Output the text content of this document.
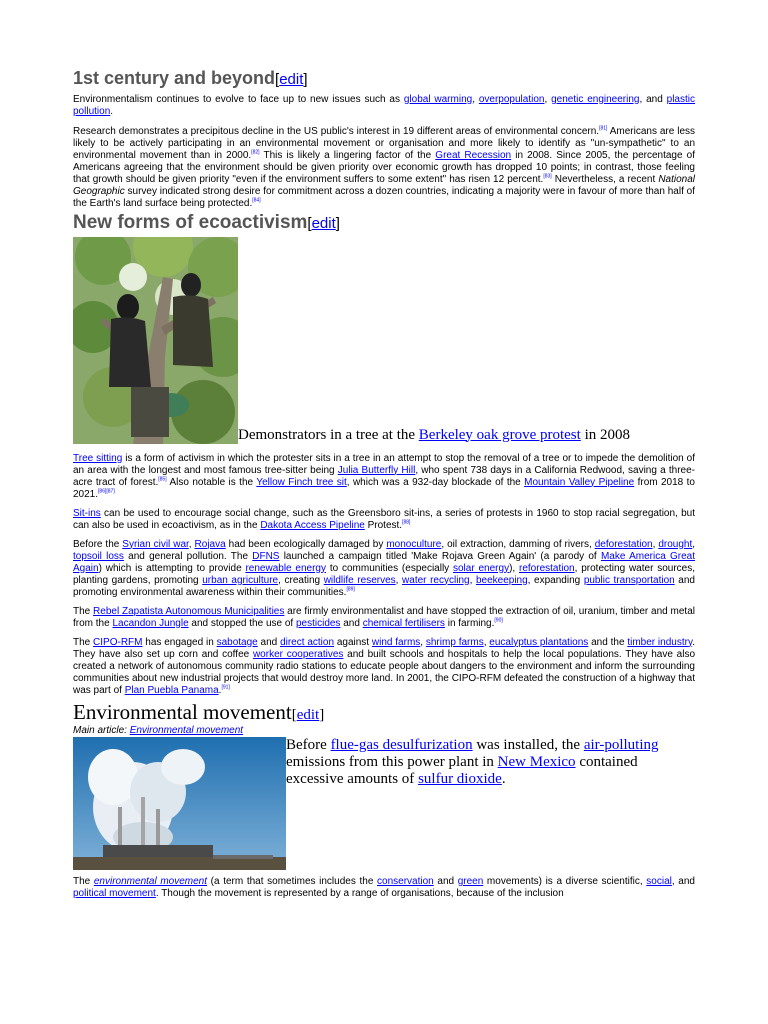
1st century and beyond[edit]

Environmentalism continues to evolve to face up to new issues such as global warming, overpopulation, genetic engineering, and plastic pollution.

Research demonstrates a precipitous decline in the US public's interest in 19 different areas of environmental concern.[81] Americans are less likely to be actively participating in an environmental movement or organisation and more likely to identify as "un-sympathetic" to an environmental movement than in 2000.[82] This is likely a lingering factor of the Great Recession in 2008. Since 2005, the percentage of Americans agreeing that the environment should be given priority over economic growth has dropped 10 points; in contrast, those feeling that growth should be given priority "even if the environment suffers to some extent" has risen 12 percent.[83] Nevertheless, a recent National Geographic survey indicated strong desire for commitment across a dozen countries, indicating a majority were in favour of more than half of the Earth's land surface being protected.[84]

New forms of ecoactivism[edit]
Demonstrators in a tree at the Berkeley oak grove protest in 2008

Tree sitting is a form of activism in which the protester sits in a tree in an attempt to stop the removal of a tree or to impede the demolition of an area with the longest and most famous tree-sitter being Julia Butterfly Hill, who spent 738 days in a California Redwood, saving a three-acre tract of forest.[85] Also notable is the Yellow Finch tree sit, which was a 932-day blockade of the Mountain Valley Pipeline from 2018 to 2021.[86][87]

Sit-ins can be used to encourage social change, such as the Greensboro sit-ins, a series of protests in 1960 to stop racial segregation, but can also be used in ecoactivism, as in the Dakota Access Pipeline Protest.[88]

Before the Syrian civil war, Rojava had been ecologically damaged by monoculture, oil extraction, damming of rivers, deforestation, drought, topsoil loss and general pollution. The DFNS launched a campaign titled 'Make Rojava Green Again' (a parody of Make America Great Again) which is attempting to provide renewable energy to communities (especially solar energy), reforestation, protecting water sources, planting gardens, promoting urban agriculture, creating wildlife reserves, water recycling, beekeeping, expanding public transportation and promoting environmental awareness within their communities.[89]

The Rebel Zapatista Autonomous Municipalities are firmly environmentalist and have stopped the extraction of oil, uranium, timber and metal from the Lacandon Jungle and stopped the use of pesticides and chemical fertilisers in farming.[90]

The CIPO-RFM has engaged in sabotage and direct action against wind farms, shrimp farms, eucalyptus plantations and the timber industry. They have also set up corn and coffee worker cooperatives and built schools and hospitals to help the local populations. They have also created a network of autonomous community radio stations to educate people about dangers to the environment and inform the surrounding communities about new industrial projects that would destroy more land. In 2001, the CIPO-RFM defeated the construction of a highway that was part of Plan Puebla Panama.[91]

Environmental movement[edit]
Main article: Environmental movement
Before flue-gas desulfurization was installed, the air-polluting emissions from this power plant in New Mexico contained excessive amounts of sulfur dioxide.

The environmental movement (a term that sometimes includes the conservation and green movements) is a diverse scientific, social, and political movement. Though the movement is represented by a range of organisations, because of the inclusion
